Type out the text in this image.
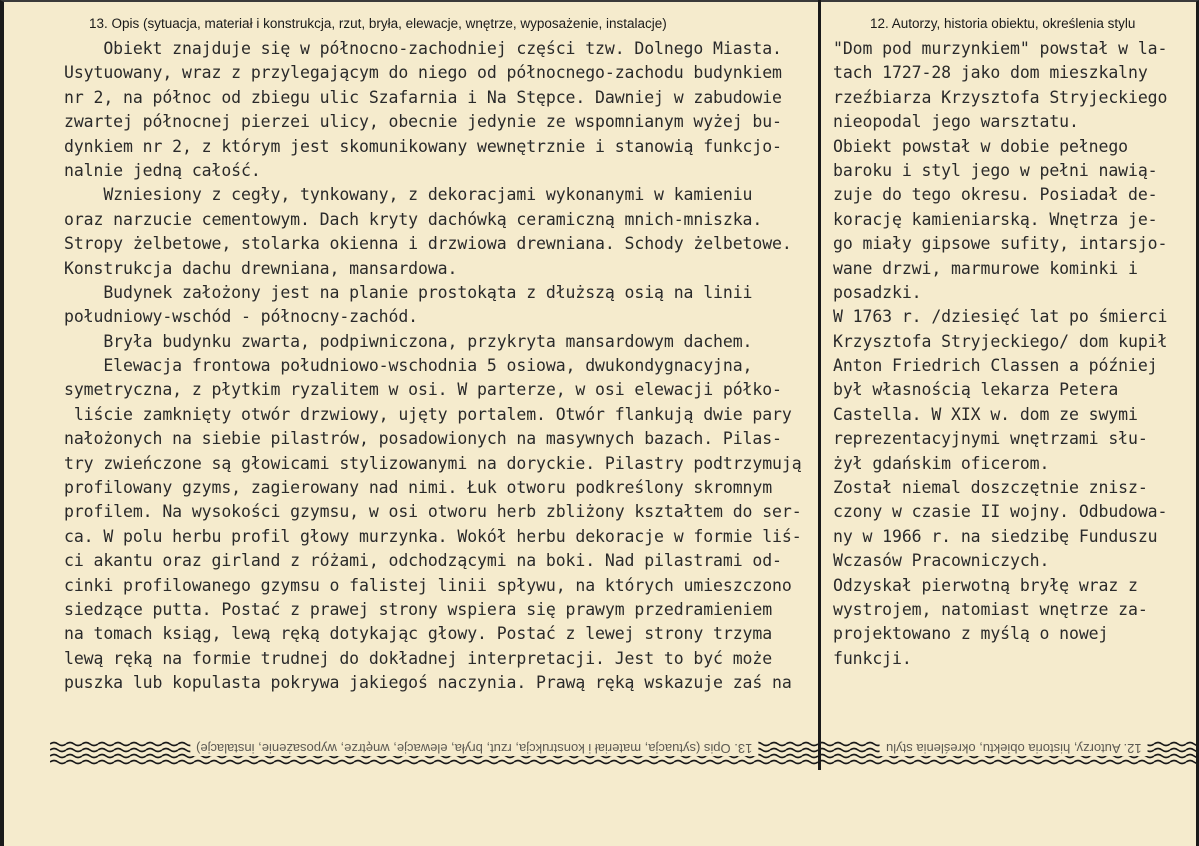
13. Opis (sytuacja, materiał i konstrukcja, rzut, bryła, elewacje, wnętrze, wyposażenie, instalacje)	12. Autorzy, historia obiektu, określenia stylu
Obiekt znajduje się w północno-zachodniej części tzw. Dolnego Miasta.
Usytuowany, wraz z przylegającym do niego od północnego-zachodu budynkiem
nr 2, na północ od zbiegu ulic Szafarnia i Na Stępce. Dawniej w zabudowie
zwartej północnej pierzei ulicy, obecnie jedynie ze wspomnianym wyżej bu-
dynkiem nr 2, z którym jest skomunikowany wewnętrznie i stanowią funkcjo-
nalnie jedną całość.
Wzniesiony z cegły, tynkowany, z dekoracjami wykonanymi w kamieniu
oraz narzucie cementowym. Dach kryty dachówką ceramiczną mnich-mniszka.
Stropy żelbetowe, stolarka okienna i drzwiowa drewniana. Schody żelbetowe.
Konstrukcja dachu drewniana, mansardowa.
Budynek założony jest na planie prostokąta z dłuższą osią na linii
południowy-wschód - północny-zachód.
Bryła budynku zwarta, podpiwniczona, przykryta mansardowym dachem.
Elewacja frontowa południowo-wschodnia 5 osiowa, dwukondygnacyjna,
symetryczna, z płytkim ryzalitem w osi. W parterze, w osi elewacji półko-
liście zamknięty otwór drzwiowy, ujęty portalem. Otwór flankują dwie pary
nałożonych na siebie pilastrów, posadowionych na masywnych bazach. Pilas-
try zwieńczone są głowicami stylizowanymi na doryckie. Pilastry podtrzymują
profilowany gzyms, zagierowany nad nimi. Łuk otworu podkreślony skromnym
profilem. Na wysokości gzymsu, w osi otworu herb zbliżony kształtem do ser-
ca. W polu herbu profil głowy murzynka. Wokół herbu dekoracje w formie liś-
ci akantu oraz girland z różami, odchodzącymi na boki. Nad pilastrami od-
cinki profilowanego gzymsu o falistej linii spływu, na których umieszczono
siedzące putta. Postać z prawej strony wspiera się prawym przedramieniem
na tomach ksiąg, lewą ręką dotykając głowy. Postać z lewej strony trzyma
lewą ręką na formie trudnej do dokładnej interpretacji. Jest to być może
puszka lub kopulasta pokrywa jakiegoś naczynia. Prawą ręką wskazuje zaś na
"Dom pod murzynkiem" powstał w la-
tach 1727-28 jako dom mieszkalny
rzeźbiarza Krzysztofa Stryjeckiego
nieopodal jego warsztatu.
Obiekt powstał w dobie pełnego
baroku i styl jego w pełni nawią-
zuje do tego okresu. Posiadał de-
korację kamieniarską. Wnętrza je-
go miały gipsowe sufity, intarsjo-
wane drzwi, marmurowe kominki i
posadzki.
W 1763 r. /dziesięć lat po śmierci
Krzysztofa Stryjeckiego/ dom kupił
Anton Friedrich Classen a później
był własnością lekarza Petera
Castella. W XIX w. dom ze swymi
reprezentacyjnymi wnętrzami słu-
żył gdańskim oficerom.
Został niemal doszczętnie znisz-
czony w czasie II wojny. Odbudowa-
ny w 1966 r. na siedzibę Funduszu
Wczasów Pracowniczych.
Odzyskał pierwotną bryłę wraz z
wystrojem, natomiast wnętrze za-
projektowano z myślą o nowej
funkcji.
13. Opis (sytuacja, materiał i konstrukcja, rzut, bryła, elewacje, wnętrze, wyposażenie, instalacje)	12. Autorzy, historia obiektu, określenia stylu
